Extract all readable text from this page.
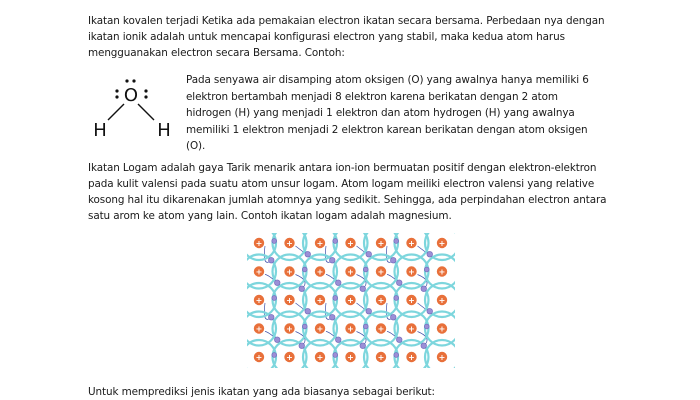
Ikatan kovalen terjadi Ketika ada pemakaian electron ikatan secara bersama. Perbedaan nya dengan
ikatan ionik adalah untuk mencapai konfigurasi electron yang stabil, maka kedua atom harus
mengguanakan electron secara Bersama. Contoh:
O
H	H
Pada senyawa air disamping atom oksigen (O) yang awalnya hanya memiliki 6
elektron bertambah menjadi 8 elektron karena berikatan dengan 2 atom
hidrogen (H) yang menjadi 1 elektron dan atom hydrogen (H) yang awalnya
memiliki 1 elektron menjadi 2 elektron karean berikatan dengan atom oksigen
(O).
Ikatan Logam adalah gaya Tarik menarik antara ion-ion bermuatan positif dengan elektron-elektron
pada kulit valensi pada suatu atom unsur logam. Atom logam meiliki electron valensi yang relative
kosong hal itu dikarenakan jumlah atomnya yang sedikit. Sehingga, ada perpindahan electron antara
satu arom ke atom yang lain. Contoh ikatan logam adalah magnesium.
+	+	+	+	+	+	+
+	+	+	+	+	+	+
+	+	+	+	+	+	+
+	+	+	+	+	+	+
+	+	+	+	+	+	+
Untuk memprediksi jenis ikatan yang ada biasanya sebagai berikut:
